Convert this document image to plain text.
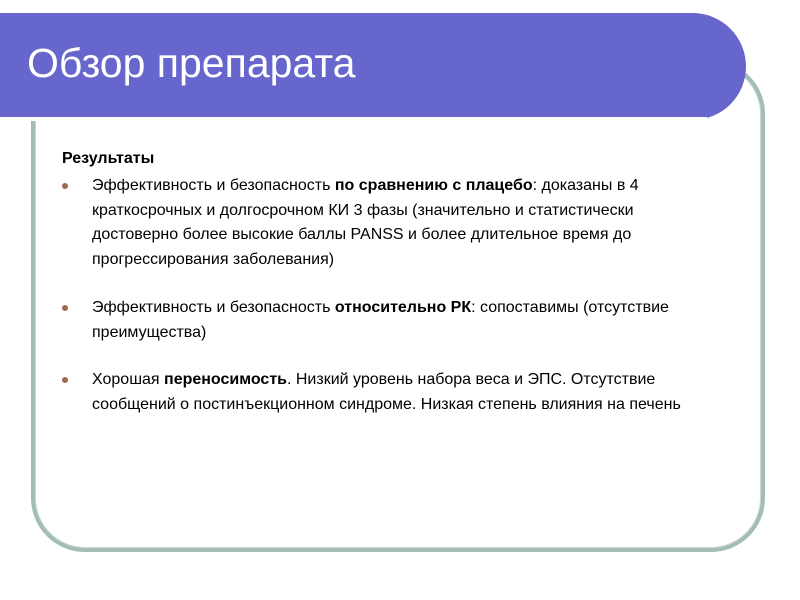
Обзор препарата
Результаты
Эффективность и безопасность по сравнению с плацебо: доказаны в 4 краткосрочных и долгосрочном КИ 3 фазы (значительно и статистически достоверно более высокие баллы PANSS и более длительное время до прогрессирования заболевания)
Эффективность и безопасность относительно РК: сопоставимы (отсутствие преимущества)
Хорошая переносимость. Низкий уровень набора веса и ЭПС. Отсутствие сообщений о постинъекционном синдроме. Низкая степень влияния на печень
